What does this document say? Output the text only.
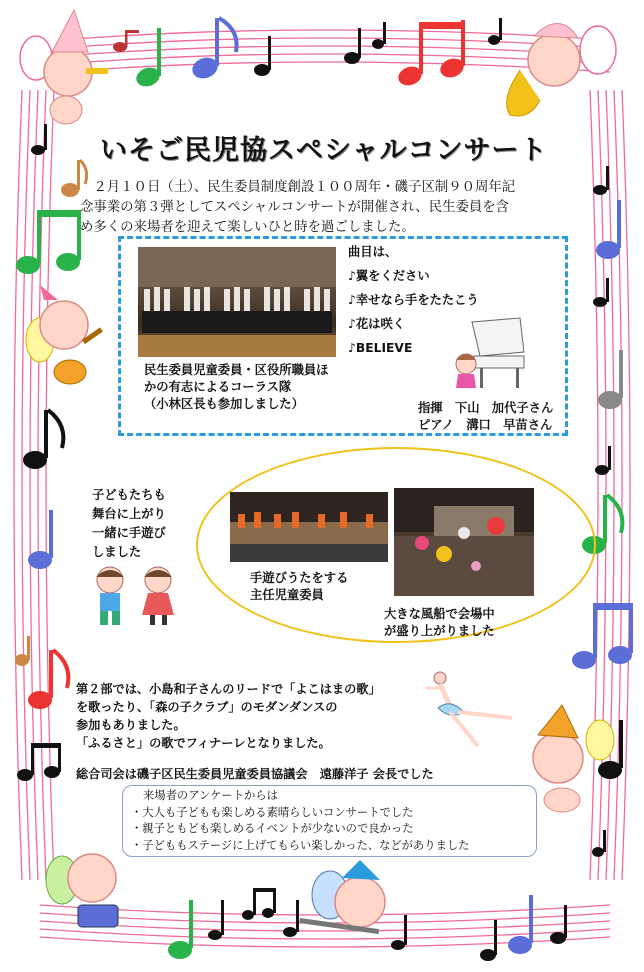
いそご民児協スペシャルコンサート
　２月１０日（土）、民生委員制度創設１００周年・磯子区制９０周年記
念事業の第３弾としてスペシャルコンサートが開催され、民生委員を含
め多くの来場者を迎えて楽しいひと時を過ごしました。
民生委員児童委員・区役所職員ほ
かの有志によるコーラス隊
（小林区長も参加しました）
曲目は、
♪翼をください
♪幸せなら手をたたこう
♪花は咲く
♪BELIEVE
指揮　下山　加代子さん
ピアノ　溝口　早苗さん
子どもたちも
舞台に上がり
一緒に手遊び
しました
手遊びうたをする
主任児童委員
大きな風船で会場中
が盛り上がりました
第２部では、小島和子さんのリードで「よこはまの歌」
を歌ったり、「森の子クラブ」のモダンダンスの
参加もありました。
「ふるさと」の歌でフィナーレとなりました。
総合司会は磯子区民生委員児童委員協議会　遠藤洋子 会長でした
来場者のアンケートからは
・大人も子どもも楽しめる素晴らしいコンサートでした
・親子ともども楽しめるイベントが少ないので良かった
・子どももステージに上げてもらい楽しかった、などがありました
